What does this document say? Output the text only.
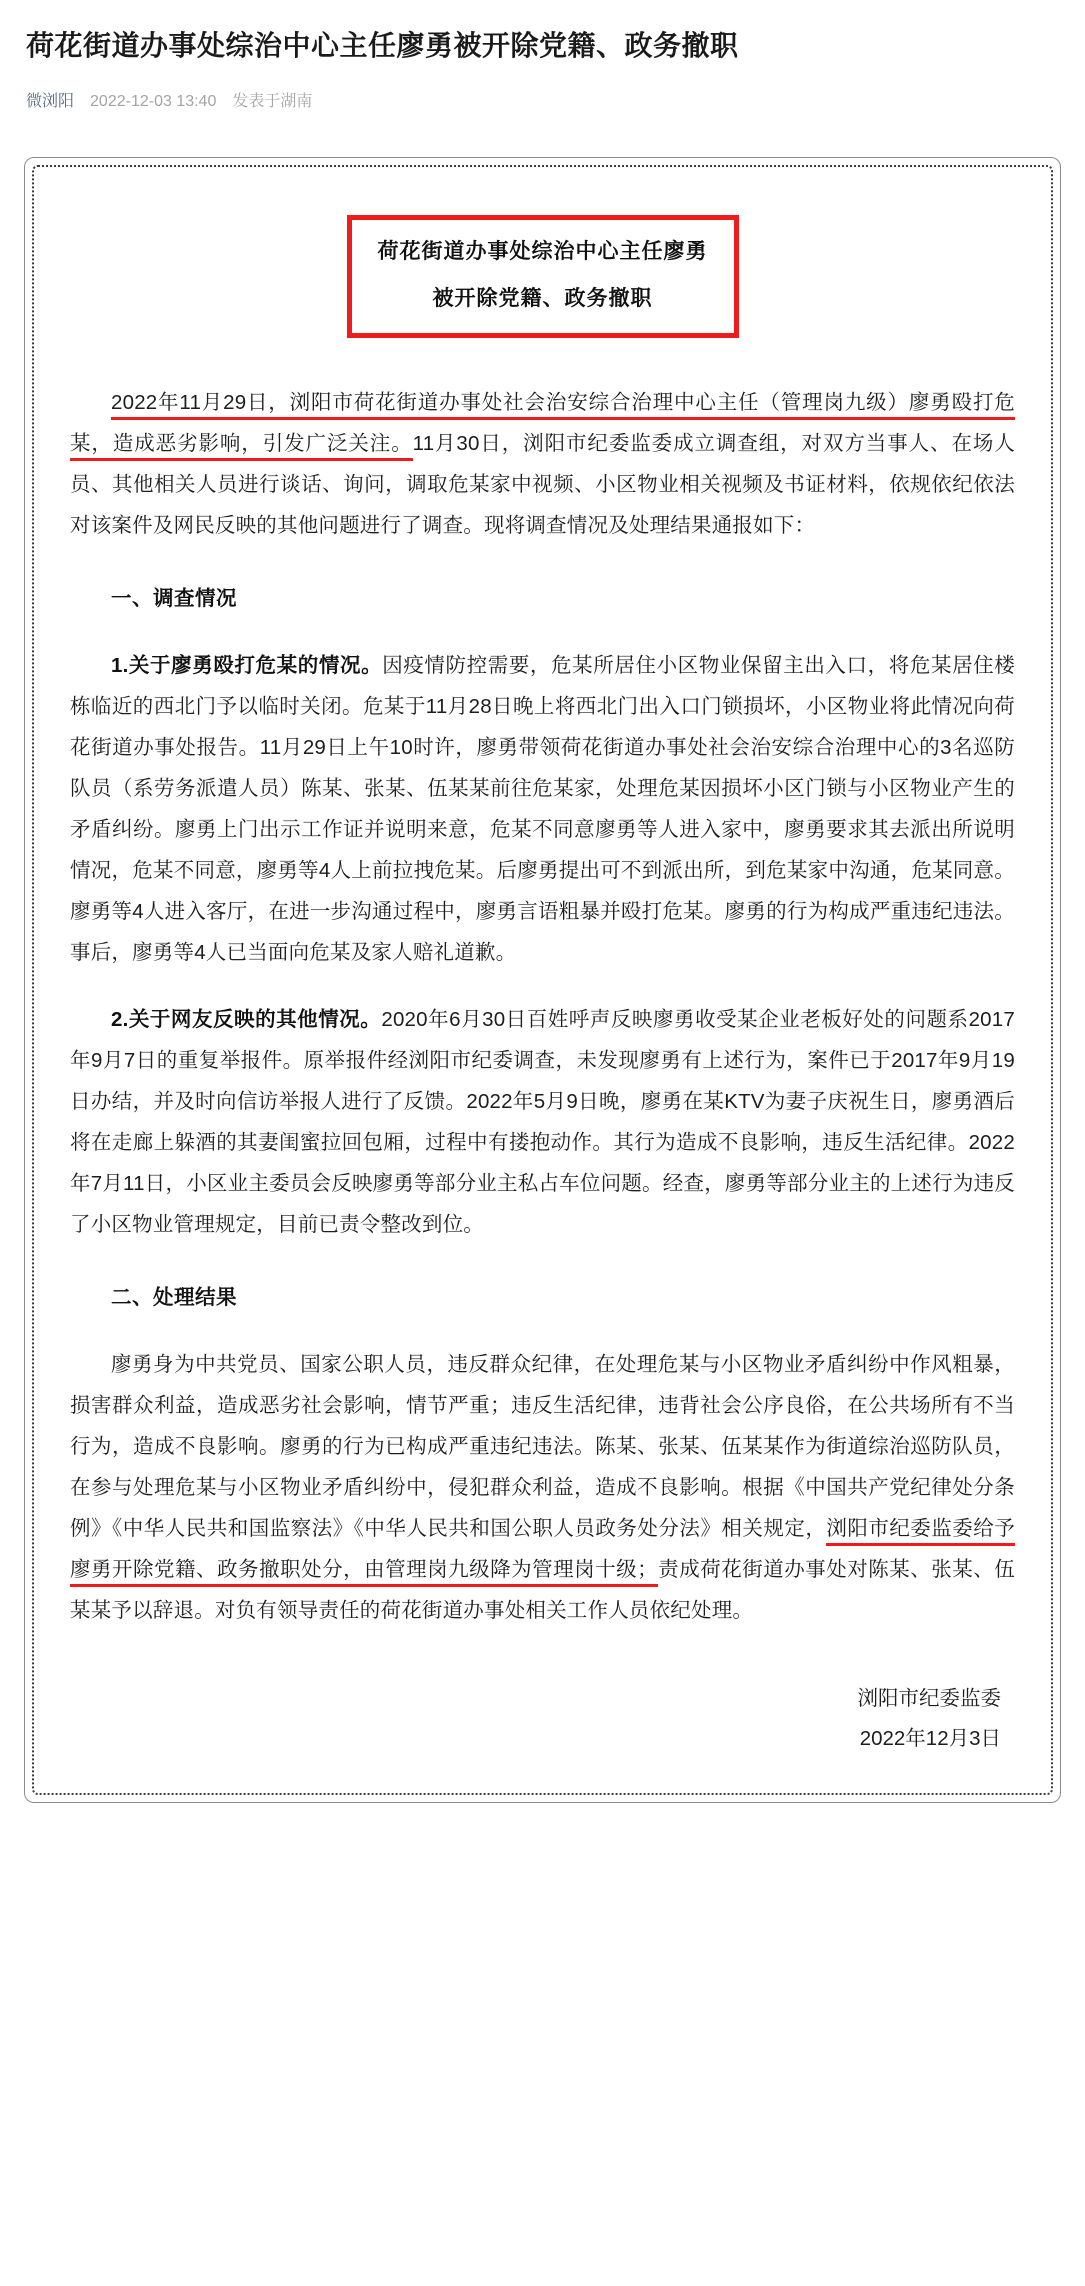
荷花街道办事处综治中心主任廖勇被开除党籍、政务撤职
微浏阳 2022-12-03 13:40 发表于湖南
荷花街道办事处综治中心主任廖勇
被开除党籍、政务撤职

2022年11月29日，浏阳市荷花街道办事处社会治安综合治理中心主任（管理岗九级）廖勇殴打危某，造成恶劣影响，引发广泛关注。11月30日，浏阳市纪委监委成立调查组，对双方当事人、在场人员、其他相关人员进行谈话、询问，调取危某家中视频、小区物业相关视频及书证材料，依规依纪依法对该案件及网民反映的其他问题进行了调查。现将调查情况及处理结果通报如下：

一、调查情况

1.关于廖勇殴打危某的情况。因疫情防控需要，危某所居住小区物业保留主出入口，将危某居住楼栋临近的西北门予以临时关闭。危某于11月28日晚上将西北门出入口门锁损坏，小区物业将此情况向荷花街道办事处报告。11月29日上午10时许，廖勇带领荷花街道办事处社会治安综合治理中心的3名巡防队员（系劳务派遣人员）陈某、张某、伍某某前往危某家，处理危某因损坏小区门锁与小区物业产生的矛盾纠纷。廖勇上门出示工作证并说明来意，危某不同意廖勇等人进入家中，廖勇要求其去派出所说明情况，危某不同意，廖勇等4人上前拉拽危某。后廖勇提出可不到派出所，到危某家中沟通，危某同意。廖勇等4人进入客厅，在进一步沟通过程中，廖勇言语粗暴并殴打危某。廖勇的行为构成严重违纪违法。事后，廖勇等4人已当面向危某及家人赔礼道歉。

2.关于网友反映的其他情况。2020年6月30日百姓呼声反映廖勇收受某企业老板好处的问题系2017年9月7日的重复举报件。原举报件经浏阳市纪委调查，未发现廖勇有上述行为，案件已于2017年9月19日办结，并及时向信访举报人进行了反馈。2022年5月9日晚，廖勇在某KTV为妻子庆祝生日，廖勇酒后将在走廊上躲酒的其妻闺蜜拉回包厢，过程中有搂抱动作。其行为造成不良影响，违反生活纪律。2022年7月11日，小区业主委员会反映廖勇等部分业主私占车位问题。经查，廖勇等部分业主的上述行为违反了小区物业管理规定，目前已责令整改到位。

二、处理结果

廖勇身为中共党员、国家公职人员，违反群众纪律，在处理危某与小区物业矛盾纠纷中作风粗暴，损害群众利益，造成恶劣社会影响，情节严重；违反生活纪律，违背社会公序良俗，在公共场所有不当行为，造成不良影响。廖勇的行为已构成严重违纪违法。陈某、张某、伍某某作为街道综治巡防队员，在参与处理危某与小区物业矛盾纠纷中，侵犯群众利益，造成不良影响。根据《中国共产党纪律处分条例》《中华人民共和国监察法》《中华人民共和国公职人员政务处分法》相关规定，浏阳市纪委监委给予廖勇开除党籍、政务撤职处分，由管理岗九级降为管理岗十级；责成荷花街道办事处对陈某、张某、伍某某予以辞退。对负有领导责任的荷花街道办事处相关工作人员依纪处理。

浏阳市纪委监委
2022年12月3日
